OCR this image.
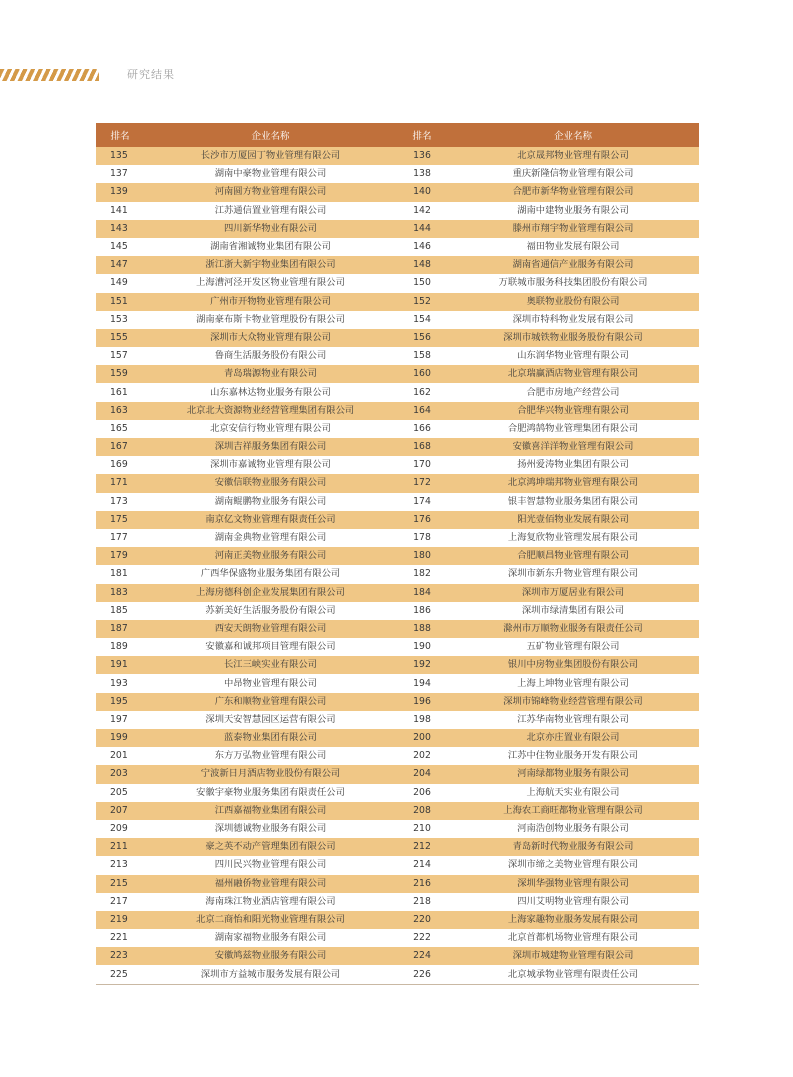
研究结果
排名	企业名称	排名	企业名称
135	长沙市万厦园丁物业管理有限公司	136	北京晟邦物业管理有限公司
137	湖南中豪物业管理有限公司	138	重庆新隆信物业管理有限公司
139	河南圆方物业管理有限公司	140	合肥市新华物业管理有限公司
141	江苏通信置业管理有限公司	142	湖南中建物业服务有限公司
143	四川新华物业有限公司	144	滕州市翔宇物业管理有限公司
145	湖南省湘诚物业集团有限公司	146	福田物业发展有限公司
147	浙江浙大新宇物业集团有限公司	148	湖南省通信产业服务有限公司
149	上海漕河泾开发区物业管理有限公司	150	万联城市服务科技集团股份有限公司
151	广州市开物物业管理有限公司	152	奥联物业股份有限公司
153	湖南豪布斯卡物业管理股份有限公司	154	深圳市特科物业发展有限公司
155	深圳市大众物业管理有限公司	156	深圳市城铁物业服务股份有限公司
157	鲁商生活服务股份有限公司	158	山东润华物业管理有限公司
159	青岛瑞源物业有限公司	160	北京瑞赢酒店物业管理有限公司
161	山东嘉林达物业服务有限公司	162	合肥市房地产经营公司
163	北京北大资源物业经营管理集团有限公司	164	合肥华兴物业管理有限公司
165	北京安信行物业管理有限公司	166	合肥鸿鹄物业管理集团有限公司
167	深圳吉祥服务集团有限公司	168	安徽喜洋洋物业管理有限公司
169	深圳市嘉诚物业管理有限公司	170	扬州爱涛物业集团有限公司
171	安徽信联物业服务有限公司	172	北京鸿坤瑞邦物业管理有限公司
173	湖南鲲鹏物业服务有限公司	174	银丰智慧物业服务集团有限公司
175	南京亿文物业管理有限责任公司	176	阳光壹佰物业发展有限公司
177	湖南金典物业管理有限公司	178	上海复欣物业管理发展有限公司
179	河南正美物业服务有限公司	180	合肥顺昌物业管理有限公司
181	广西华保盛物业服务集团有限公司	182	深圳市新东升物业管理有限公司
183	上海房德科创企业发展集团有限公司	184	深圳市万厦居业有限公司
185	苏新美好生活服务股份有限公司	186	深圳市绿清集团有限公司
187	西安天朗物业管理有限公司	188	滁州市万顺物业服务有限责任公司
189	安徽嘉和诚邦项目管理有限公司	190	五矿物业管理有限公司
191	长江三峡实业有限公司	192	银川中房物业集团股份有限公司
193	中昂物业管理有限公司	194	上海上坤物业管理有限公司
195	广东和顺物业管理有限公司	196	深圳市锦峰物业经营管理有限公司
197	深圳天安智慧园区运营有限公司	198	江苏华南物业管理有限公司
199	蓝泰物业集团有限公司	200	北京亦庄置业有限公司
201	东方万弘物业管理有限公司	202	江苏中住物业服务开发有限公司
203	宁波新日月酒店物业股份有限公司	204	河南绿都物业服务有限公司
205	安徽宇豪物业服务集团有限责任公司	206	上海航天实业有限公司
207	江西嘉福物业集团有限公司	208	上海农工商旺都物业管理有限公司
209	深圳德诚物业服务有限公司	210	河南浩创物业服务有限公司
211	豪之英不动产管理集团有限公司	212	青岛新时代物业服务有限公司
213	四川民兴物业管理有限公司	214	深圳市缔之美物业管理有限公司
215	福州融侨物业管理有限公司	216	深圳华强物业管理有限公司
217	海南珠江物业酒店管理有限公司	218	四川艾明物业管理有限公司
219	北京二商怡和阳光物业管理有限公司	220	上海家趣物业服务发展有限公司
221	湖南家福物业服务有限公司	222	北京首都机场物业管理有限公司
223	安徽鸠兹物业服务有限公司	224	深圳市城建物业管理有限公司
225	深圳市方益城市服务发展有限公司	226	北京城承物业管理有限责任公司
